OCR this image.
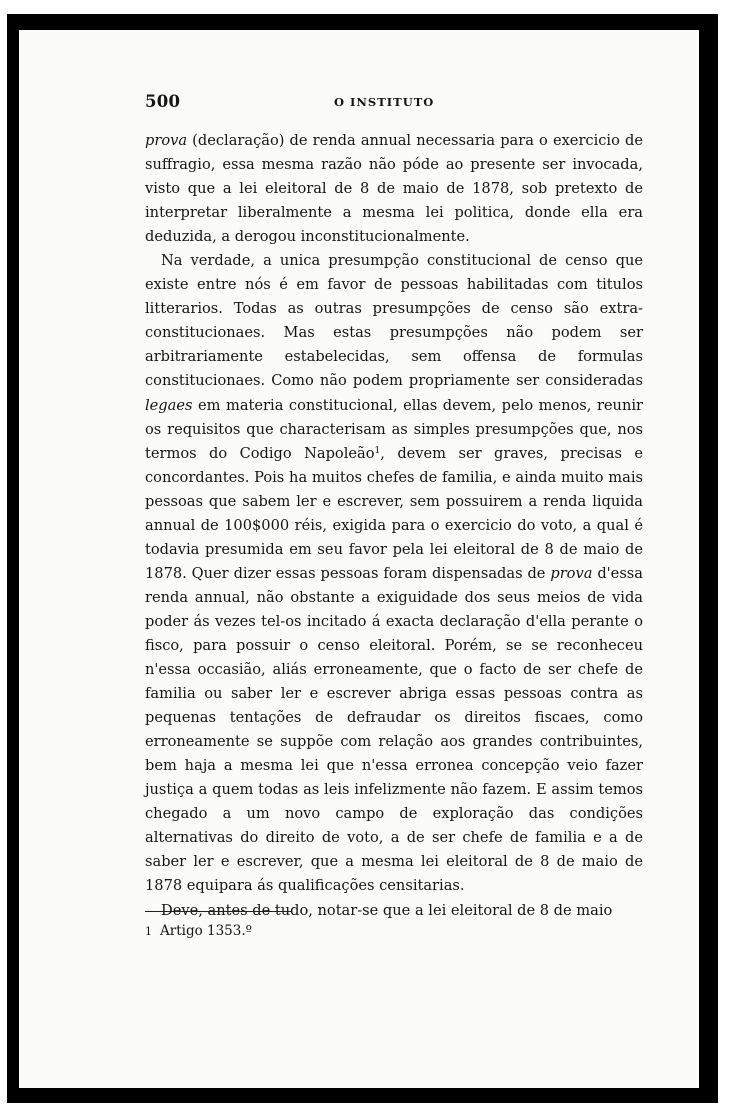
500	O INSTITUTO

prova (declaração) de renda annual necessaria para o exercicio de suffragio, essa mesma razão não póde ao presente ser invocada, visto que a lei eleitoral de 8 de maio de 1878, sob pretexto de interpretar liberalmente a mesma lei politica, donde ella era deduzida, a derogou inconstitucionalmente.

Na verdade, a unica presumpção constitucional de censo que existe entre nós é em favor de pessoas habilitadas com titulos litterarios. Todas as outras presumpções de censo são extra-constitucionaes. Mas estas presumpções não podem ser arbitrariamente estabelecidas, sem offensa de formulas constitucionaes. Como não podem propriamente ser consideradas legaes em materia constitucional, ellas devem, pelo menos, reunir os requisitos que characterisam as simples presumpções que, nos termos do Codigo Napoleão$^1$, devem ser graves, precisas e concordantes. Pois ha muitos chefes de familia, e ainda muito mais pessoas que sabem ler e escrever, sem possuirem a renda liquida annual de 100$000 réis, exigida para o exercicio do voto, a qual é todavia presumida em seu favor pela lei eleitoral de 8 de maio de 1878. Quer dizer essas pessoas foram dispensadas de prova d'essa renda annual, não obstante a exiguidade dos seus meios de vida poder ás vezes tel-os incitado á exacta declaração d'ella perante o fisco, para possuir o censo eleitoral. Porém, se se reconheceu n'essa occasião, aliás erroneamente, que o facto de ser chefe de familia ou saber ler e escrever abriga essas pessoas contra as pequenas tentações de defraudar os direitos fiscaes, como erroneamente se suppõe com relação aos grandes contribuintes, bem haja a mesma lei que n'essa erronea concepção veio fazer justiça a quem todas as leis infelizmente não fazem. E assim temos chegado a um novo campo de exploração das condições alternativas do direito de voto, a de ser chefe de familia e a de saber ler e escrever, que a mesma lei eleitoral de 8 de maio de 1878 equipara ás qualificações censitarias.

Deve, antes de tudo, notar-se que a lei eleitoral de 8 de maio

1 Artigo 1353.º
